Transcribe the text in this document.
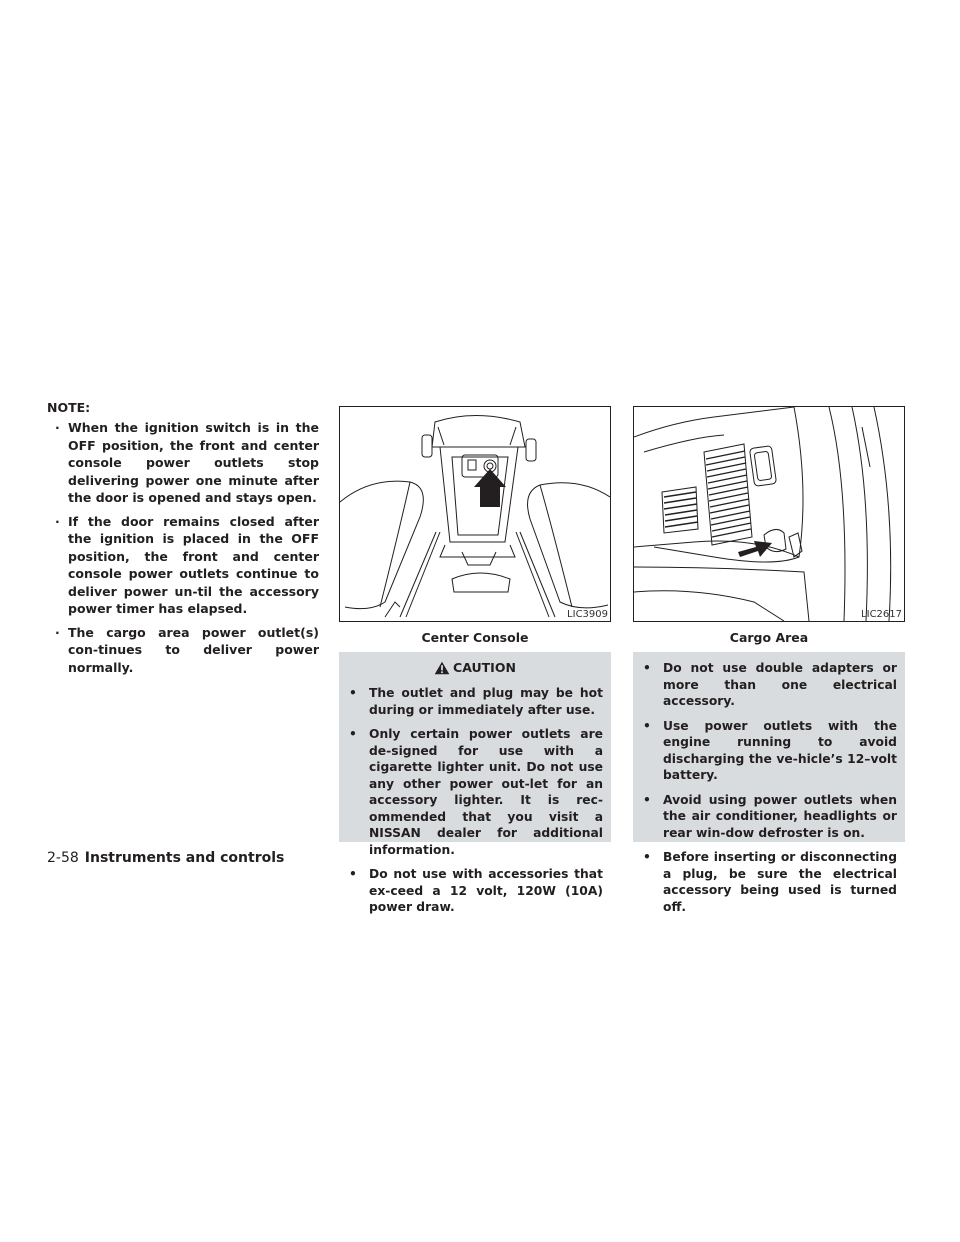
NOTE:
· When the ignition switch is in the OFF position, the front and center console power outlets stop delivering power one minute after the door is opened and stays open.
· If the door remains closed after the ignition is placed in the OFF position, the front and center console power outlets continue to deliver power un-til the accessory power timer has elapsed.
· The cargo area power outlet(s) con-tinues to deliver power normally.
LIC3909
Center Console
LIC2617
Cargo Area
CAUTION
• The outlet and plug may be hot during or immediately after use.
• Only certain power outlets are de-signed for use with a cigarette lighter unit. Do not use any other power out-let for an accessory lighter. It is rec-ommended that you visit a NISSAN dealer for additional information.
• Do not use with accessories that ex-ceed a 12 volt, 120W (10A) power draw.
• Do not use double adapters or more than one electrical accessory.
• Use power outlets with the engine running to avoid discharging the ve-hicle’s 12–volt battery.
• Avoid using power outlets when the air conditioner, headlights or rear win-dow defroster is on.
• Before inserting or disconnecting a plug, be sure the electrical accessory being used is turned off.
2-58 Instruments and controls
